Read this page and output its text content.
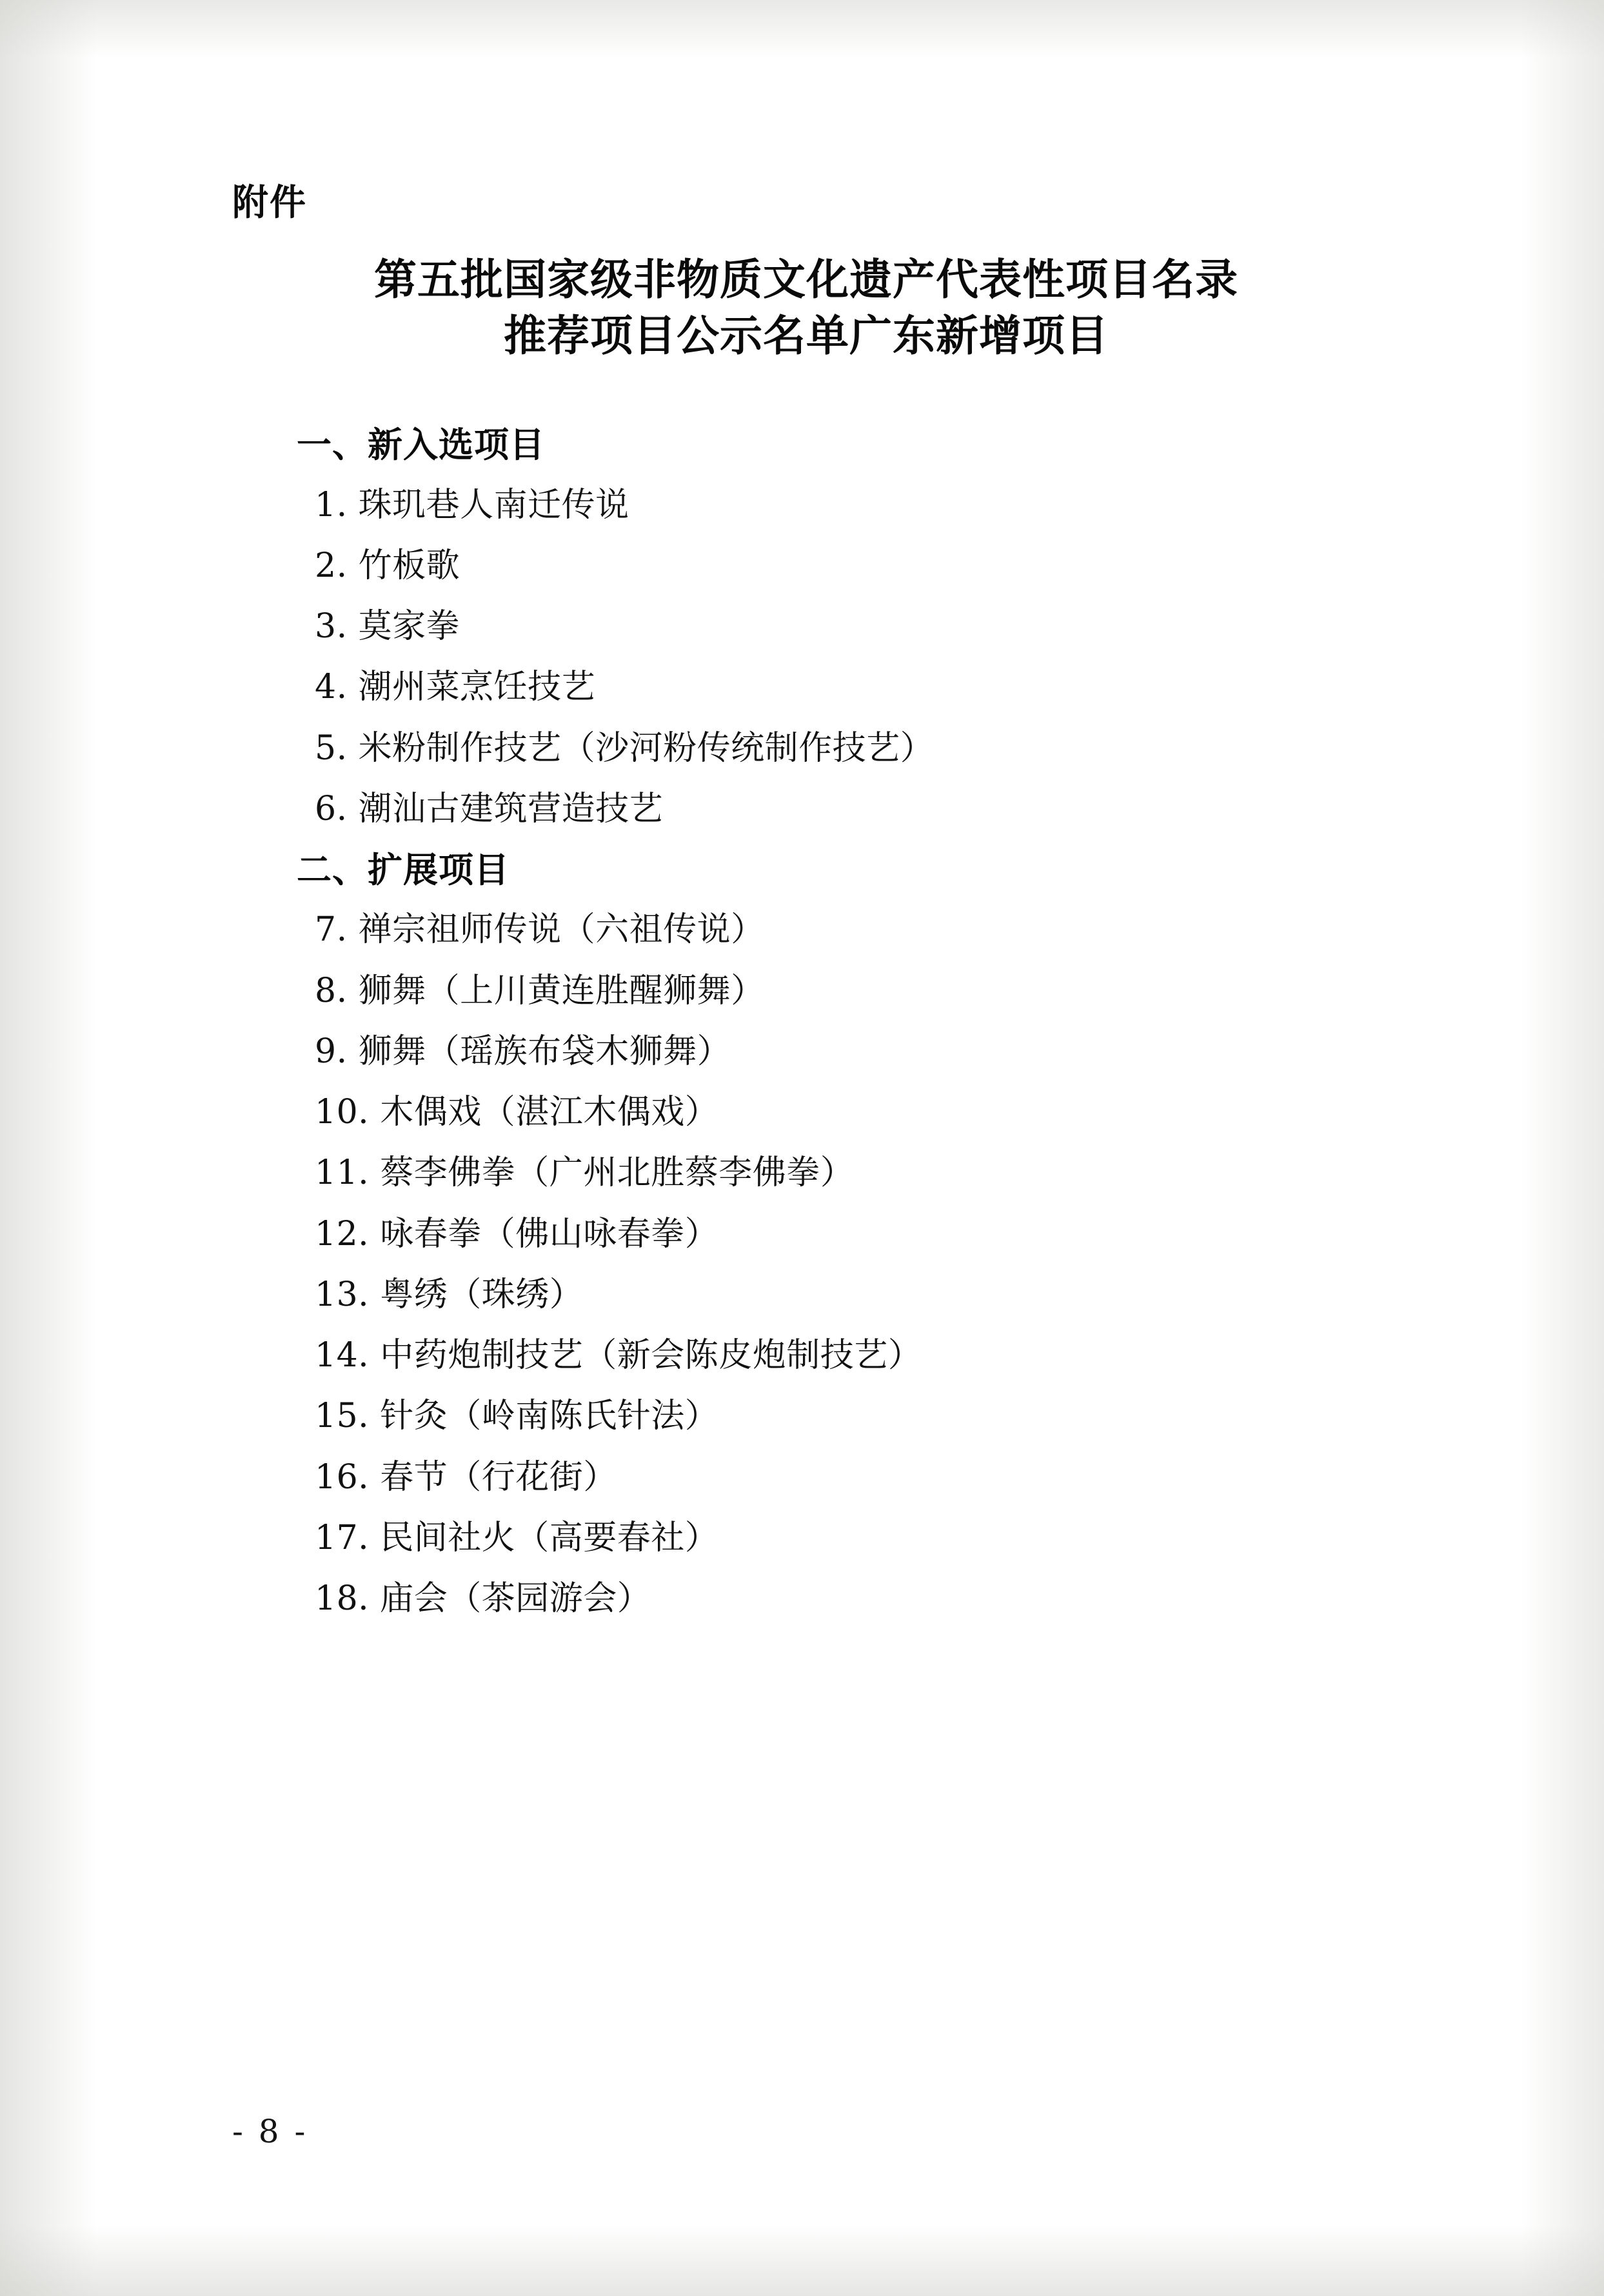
附件
第五批国家级非物质文化遗产代表性项目名录
推荐项目公示名单广东新增项目
一、新入选项目
1. 珠玑巷人南迁传说
2. 竹板歌
3. 莫家拳
4. 潮州菜烹饪技艺
5. 米粉制作技艺（沙河粉传统制作技艺）
6. 潮汕古建筑营造技艺
二、扩展项目
7. 禅宗祖师传说（六祖传说）
8. 狮舞（上川黄连胜醒狮舞）
9. 狮舞（瑶族布袋木狮舞）
10. 木偶戏（湛江木偶戏）
11. 蔡李佛拳（广州北胜蔡李佛拳）
12. 咏春拳（佛山咏春拳）
13. 粤绣（珠绣）
14. 中药炮制技艺（新会陈皮炮制技艺）
15. 针灸（岭南陈氏针法）
16. 春节（行花街）
17. 民间社火（高要春社）
18. 庙会（茶园游会）
- 8 -
